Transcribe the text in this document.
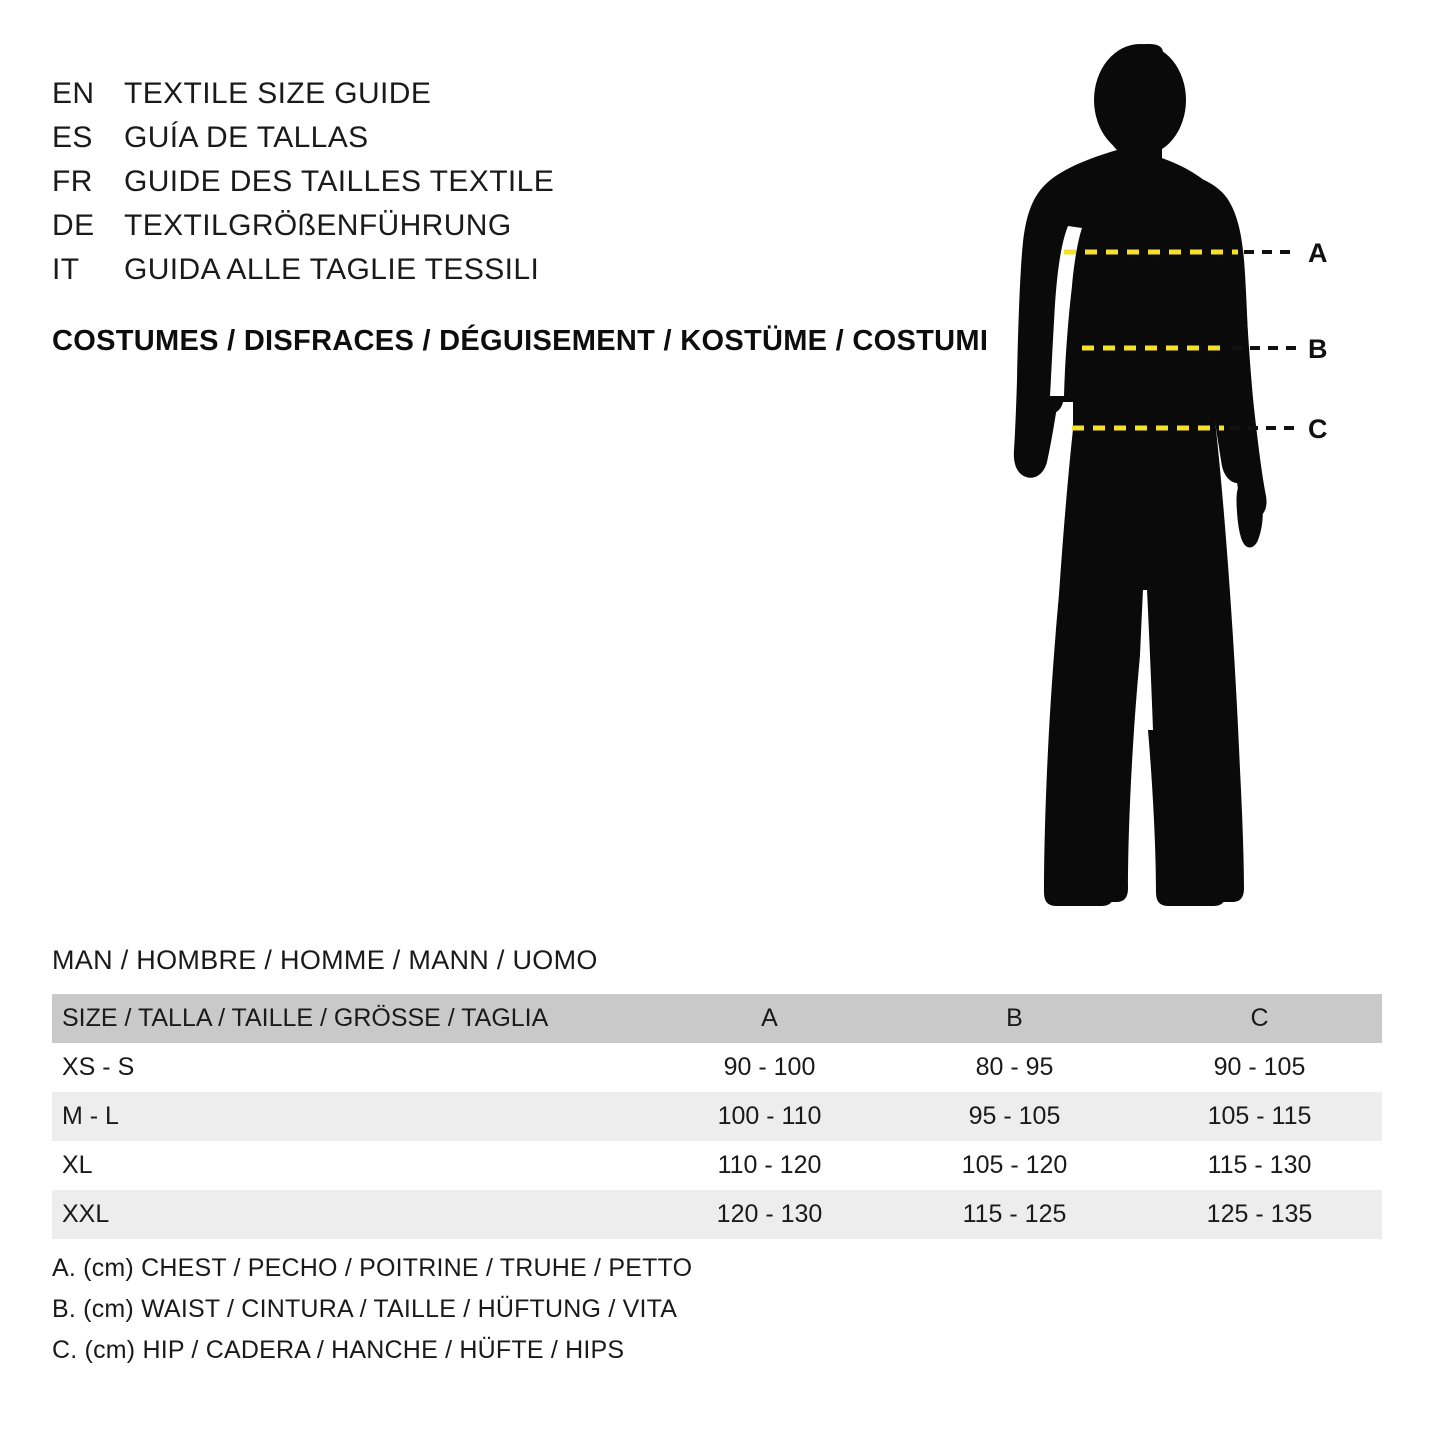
EN TEXTILE SIZE GUIDE
ES	GUÍA DE TALLAS
FR	GUIDE DES TAILLES TEXTILE
DE TEXTILGRÖßENFÜHRUNG
IT	GUIDA ALLE TAGLIE TESSILI
COSTUMES / DISFRACES / DÉGUISEMENT / KOSTÜME / COSTUMI
A
B
C
MAN / HOMBRE / HOMME / MANN / UOMO
SIZE / TALLA / TAILLE / GRÖSSE / TAGLIA	A	B	C
XS - S	90 - 100	80 - 95	90 - 105
M - L	100 - 110	95 - 105	105 - 115
XL	110 - 120	105 - 120	115 - 130
XXL	120 - 130	115 - 125	125 - 135
A. (cm) CHEST / PECHO / POITRINE / TRUHE / PETTO
B. (cm) WAIST / CINTURA / TAILLE / HÜFTUNG / VITA
C. (cm) HIP / CADERA / HANCHE / HÜFTE / HIPS
